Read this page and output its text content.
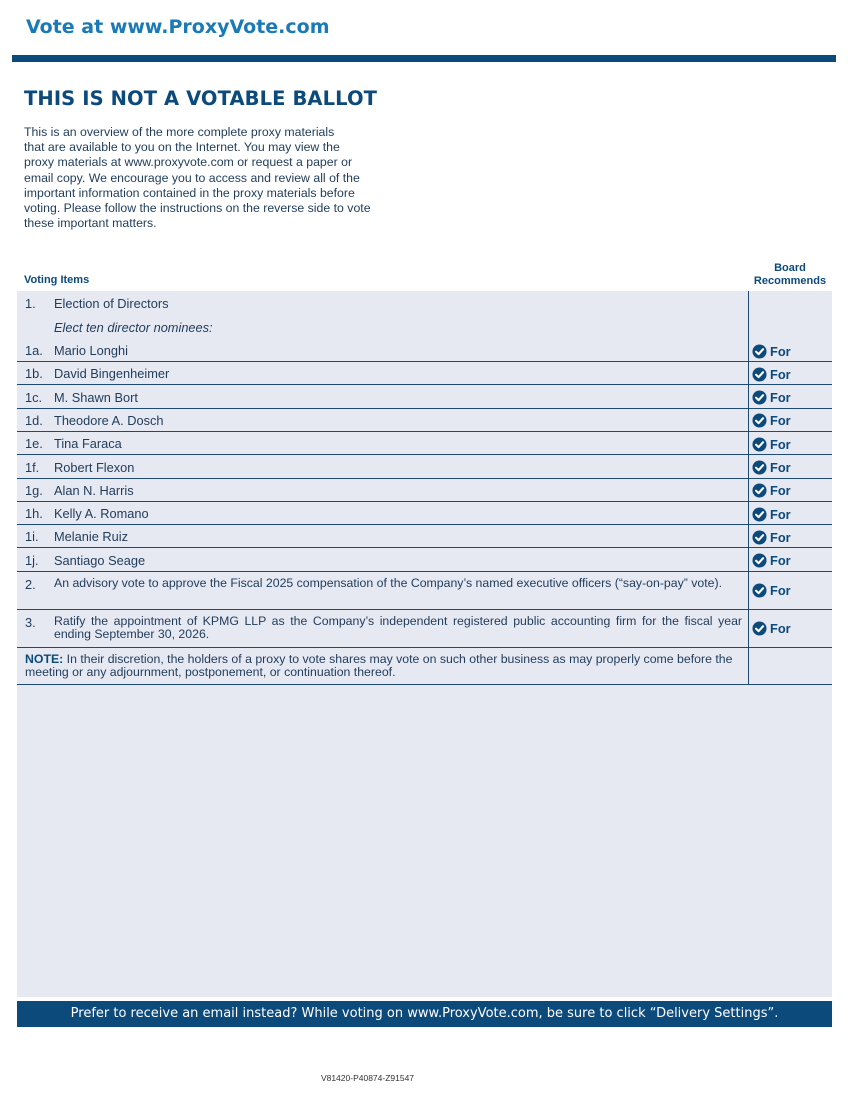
Vote at www.ProxyVote.com
THIS IS NOT A VOTABLE BALLOT
This is an overview of the more complete proxy materials
that are available to you on the Internet. You may view the
proxy materials at www.proxyvote.com or request a paper or
email copy. We encourage you to access and review all of the
important information contained in the proxy materials before
voting. Please follow the instructions on the reverse side to vote
these important matters.
Voting Items
Board
Recommends
1. Election of Directors
Elect ten director nominees:
1a. Mario Longhi	For
1b. David Bingenheimer	For
1c. M. Shawn Bort	For
1d. Theodore A. Dosch	For
1e. Tina Faraca	For
1f. Robert Flexon	For
1g. Alan N. Harris	For
1h. Kelly A. Romano	For
1i. Melanie Ruiz	For
1j. Santiago Seage	For
2. An advisory vote to approve the Fiscal 2025 compensation of the Company’s named executive officers (“say-on-pay” vote).	For
3. Ratify the appointment of KPMG LLP as the Company’s independent registered public accounting firm for the fiscal year ending September 30, 2026.	For
NOTE: In their discretion, the holders of a proxy to vote shares may vote on such other business as may properly come before the meeting or any adjournment, postponement, or continuation thereof.
Prefer to receive an email instead? While voting on www.ProxyVote.com, be sure to click “Delivery Settings”.
V81420-P40874-Z91547
